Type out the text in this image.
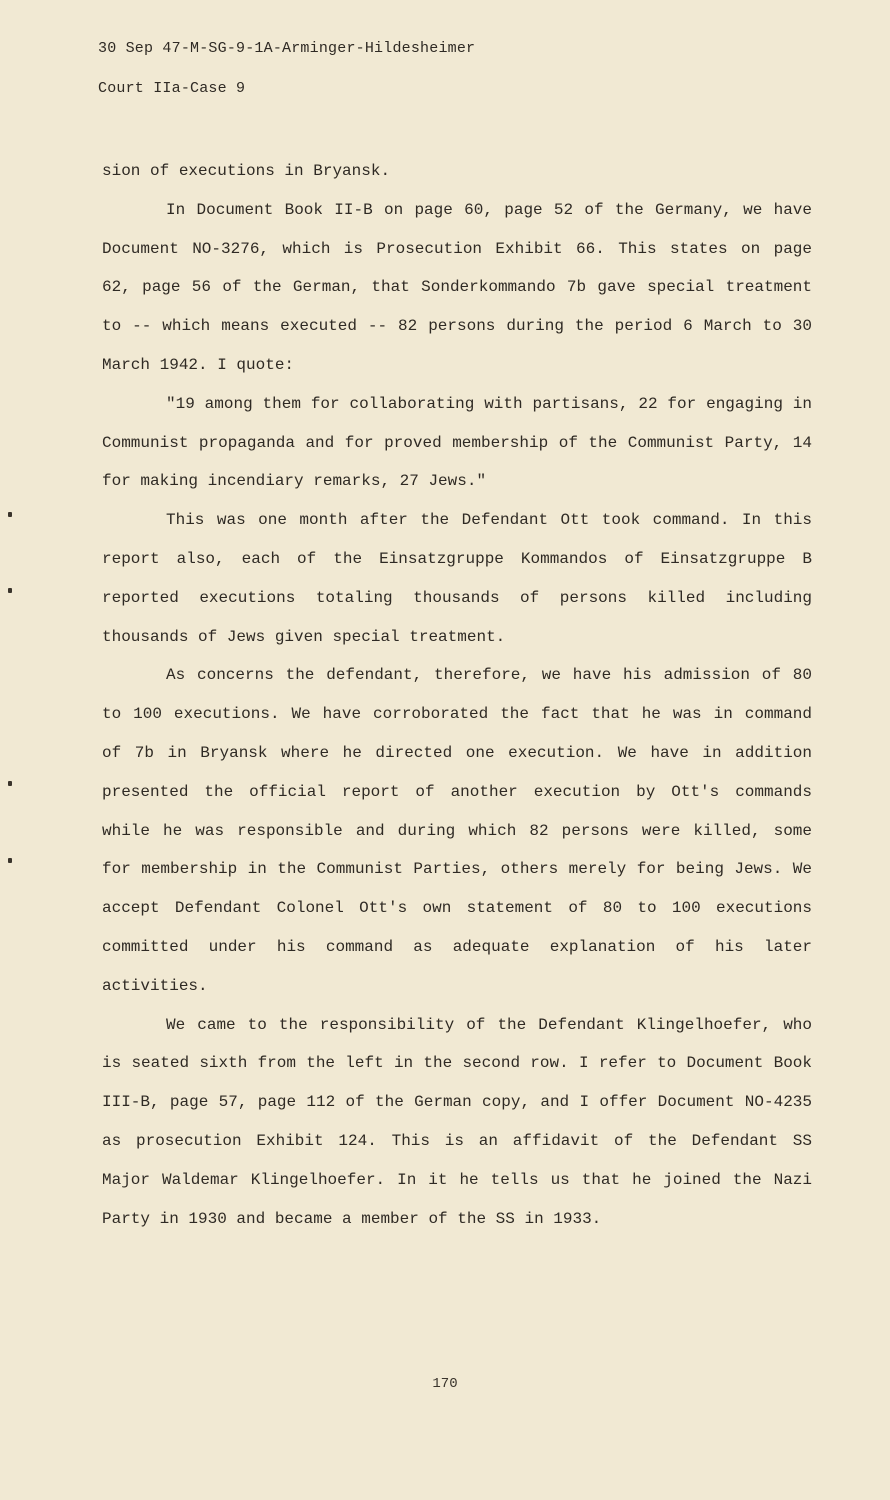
30 Sep 47-M-SG-9-1A-Arminger-Hildesheimer
Court IIa-Case 9

sion of executions in Bryansk.

In Document Book II-B on page 60, page 52 of the Germany, we have Document NO-3276, which is Prosecution Exhibit 66. This states on page 62, page 56 of the German, that Sonderkommando 7b gave special treatment to -- which means executed -- 82 persons during the period 6 March to 30 March 1942. I quote:

"19 among them for collaborating with partisans, 22 for engaging in Communist propaganda and for proved membership of the Communist Party, 14 for making incendiary remarks, 27 Jews."

This was one month after the Defendant Ott took command. In this report also, each of the Einsatzgruppe Kommandos of Einsatzgruppe B reported executions totaling thousands of persons killed including thousands of Jews given special treatment.

As concerns the defendant, therefore, we have his admission of 80 to 100 executions. We have corroborated the fact that he was in command of 7b in Bryansk where he directed one execution. We have in addition presented the official report of another execution by Ott's commands while he was responsible and during which 82 persons were killed, some for membership in the Communist Parties, others merely for being Jews. We accept Defendant Colonel Ott's own statement of 80 to 100 executions committed under his command as adequate explanation of his later activities.

We came to the responsibility of the Defendant Klingelhoefer, who is seated sixth from the left in the second row. I refer to Document Book III-B, page 57, page 112 of the German copy, and I offer Document NO-4235 as prosecution Exhibit 124. This is an affidavit of the Defendant SS Major Waldemar Klingelhoefer. In it he tells us that he joined the Nazi Party in 1930 and became a member of the SS in 1933.

170
